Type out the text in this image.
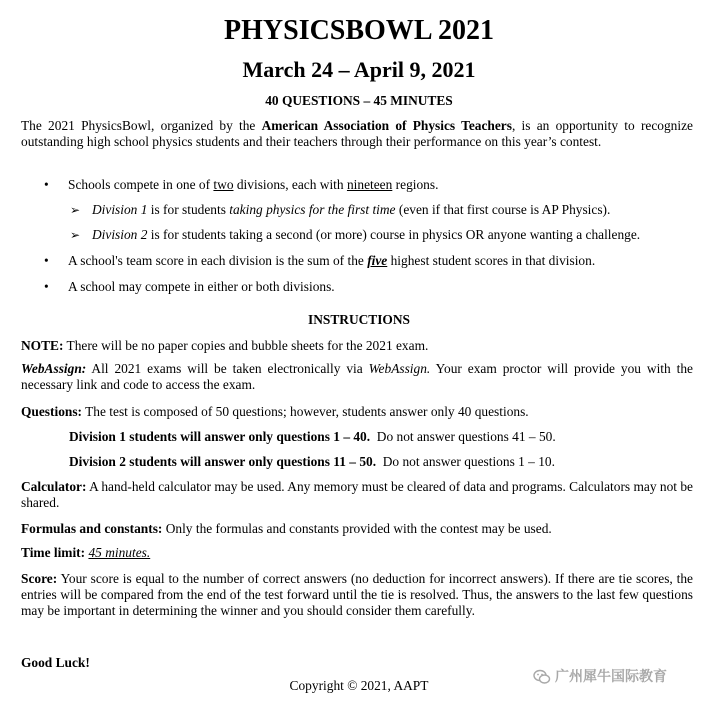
PHYSICSBOWL 2021
March 24 – April 9, 2021
40 QUESTIONS – 45 MINUTES
The 2021 PhysicsBowl, organized by the American Association of Physics Teachers, is an opportunity to recognize outstanding high school physics students and their teachers through their performance on this year’s contest.
• Schools compete in one of two divisions, each with nineteen regions.
➢ Division 1 is for students taking physics for the first time (even if that first course is AP Physics).
➢ Division 2 is for students taking a second (or more) course in physics OR anyone wanting a challenge.
• A school's team score in each division is the sum of the five highest student scores in that division.
• A school may compete in either or both divisions.
INSTRUCTIONS
NOTE: There will be no paper copies and bubble sheets for the 2021 exam.
WebAssign: All 2021 exams will be taken electronically via WebAssign. Your exam proctor will provide you with the necessary link and code to access the exam.
Questions: The test is composed of 50 questions; however, students answer only 40 questions.
Division 1 students will answer only questions 1 – 40.  Do not answer questions 41 – 50.
Division 2 students will answer only questions 11 – 50.  Do not answer questions 1 – 10.
Calculator: A hand-held calculator may be used. Any memory must be cleared of data and programs. Calculators may not be shared.
Formulas and constants: Only the formulas and constants provided with the contest may be used.
Time limit: 45 minutes.
Score: Your score is equal to the number of correct answers (no deduction for incorrect answers). If there are tie scores, the entries will be compared from the end of the test forward until the tie is resolved. Thus, the answers to the last few questions may be important in determining the winner and you should consider them carefully.
Good Luck!
Copyright © 2021, AAPT
广州犀牛国际教育
